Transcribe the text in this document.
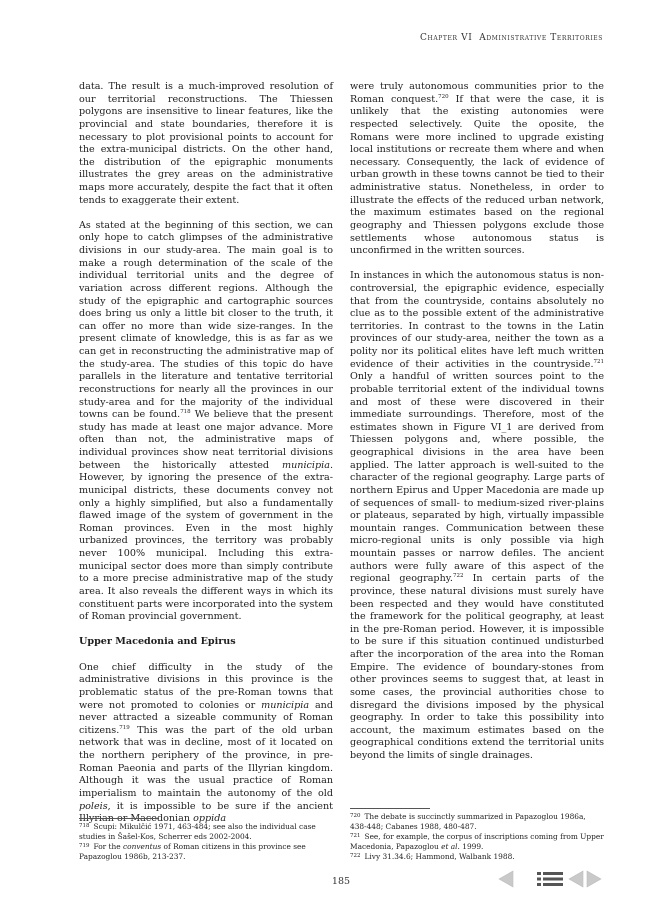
Chapter VI Administrative Territories

data. The result is a much-improved resolution of our territorial reconstructions. The Thiessen polygons are insensitive to linear features, like the provincial and state boundaries, therefore it is necessary to plot provisional points to account for the extra-municipal districts. On the other hand, the distribution of the epigraphic monuments illustrates the grey areas on the administrative maps more accurately, despite the fact that it often tends to exaggerate their extent.

As stated at the beginning of this section, we can only hope to catch glimpses of the administrative divisions in our study-area. The main goal is to make a rough determination of the scale of the individual territorial units and the degree of variation across different regions. Although the study of the epigraphic and cartographic sources does bring us only a little bit closer to the truth, it can offer no more than wide size-ranges. In the present climate of knowledge, this is as far as we can get in reconstructing the administrative map of the study-area. The studies of this topic do have parallels in the literature and tentative territorial reconstructions for nearly all the provinces in our study-area and for the majority of the individual towns can be found.$^{718}$ We believe that the present study has made at least one major advance. More often than not, the administrative maps of individual provinces show neat territorial divisions between the historically attested municipia. However, by ignoring the presence of the extra-municipal districts, these documents convey not only a highly simplified, but also a fundamentally flawed image of the system of government in the Roman provinces. Even in the most highly urbanized provinces, the territory was probably never 100% municipal. Including this extra-municipal sector does more than simply contribute to a more precise administrative map of the study area. It also reveals the different ways in which its constituent parts were incorporated into the system of Roman provincial government.

Upper Macedonia and Epirus

One chief difficulty in the study of the administrative divisions in this province is the problematic status of the pre-Roman towns that were not promoted to colonies or municipia and never attracted a sizeable community of Roman citizens.$^{719}$ This was the part of the old urban network that was in decline, most of it located on the northern periphery of the province, in pre-Roman Paeonia and parts of the Illyrian kingdom. Although it was the usual practice of Roman imperialism to maintain the autonomy of the old poleis, it is impossible to be sure if the ancient Illyrian or Macedonian oppida

were truly autonomous communities prior to the Roman conquest.$^{720}$ If that were the case, it is unlikely that the existing autonomies were respected selectively. Quite the oposite, the Romans were more inclined to upgrade existing local institutions or recreate them where and when necessary. Consequently, the lack of evidence of urban growth in these towns cannot be tied to their administrative status. Nonetheless, in order to illustrate the effects of the reduced urban network, the maximum estimates based on the regional geography and Thiessen polygons exclude those settlements whose autonomous status is unconfirmed in the written sources.

In instances in which the autonomous status is non-controversial, the epigraphic evidence, especially that from the countryside, contains absolutely no clue as to the possible extent of the administrative territories. In contrast to the towns in the Latin provinces of our study-area, neither the town as a polity nor its political elites have left much written evidence of their activities in the countryside.$^{721}$ Only a handful of written sources point to the probable territorial extent of the individual towns and most of these were discovered in their immediate surroundings. Therefore, most of the estimates shown in Figure VI_1 are derived from Thiessen polygons and, where possible, the geographical divisions in the area have been applied. The latter approach is well-suited to the character of the regional geography. Large parts of northern Epirus and Upper Macedonia are made up of sequences of small- to medium-sized river-plains or plateaus, separated by high, virtually impassible mountain ranges. Communication between these micro-regional units is only possible via high mountain passes or narrow defiles. The ancient authors were fully aware of this aspect of the regional geography.$^{722}$ In certain parts of the province, these natural divisions must surely have been respected and they would have constituted the framework for the political geography, at least in the pre-Roman period. However, it is impossible to be sure if this situation continued undisturbed after the incorporation of the area into the Roman Empire. The evidence of boundary-stones from other provinces seems to suggest that, at least in some cases, the provincial authorities chose to disregard the divisions imposed by the physical geography. In order to take this possibility into account, the maximum estimates based on the geographical conditions extend the territorial units beyond the limits of single drainages.

$^{718}$ Scupi: Mikulčić 1971, 463-484; see also the individual case studies in Šašel-Kos, Scherrer eds 2002-2004.

$^{719}$ For the conventus of Roman citizens in this province see Papazoglou 1986b, 213-237.

$^{720}$ The debate is succinctly summarized in Papazoglou 1986a, 438-448; Cabanes 1988, 480-487.

$^{721}$ See, for example, the corpus of inscriptions coming from Upper Macedonia, Papazoglou et al. 1999.

$^{722}$ Livy 31.34.6; Hammond, Walbank 1988.

185
